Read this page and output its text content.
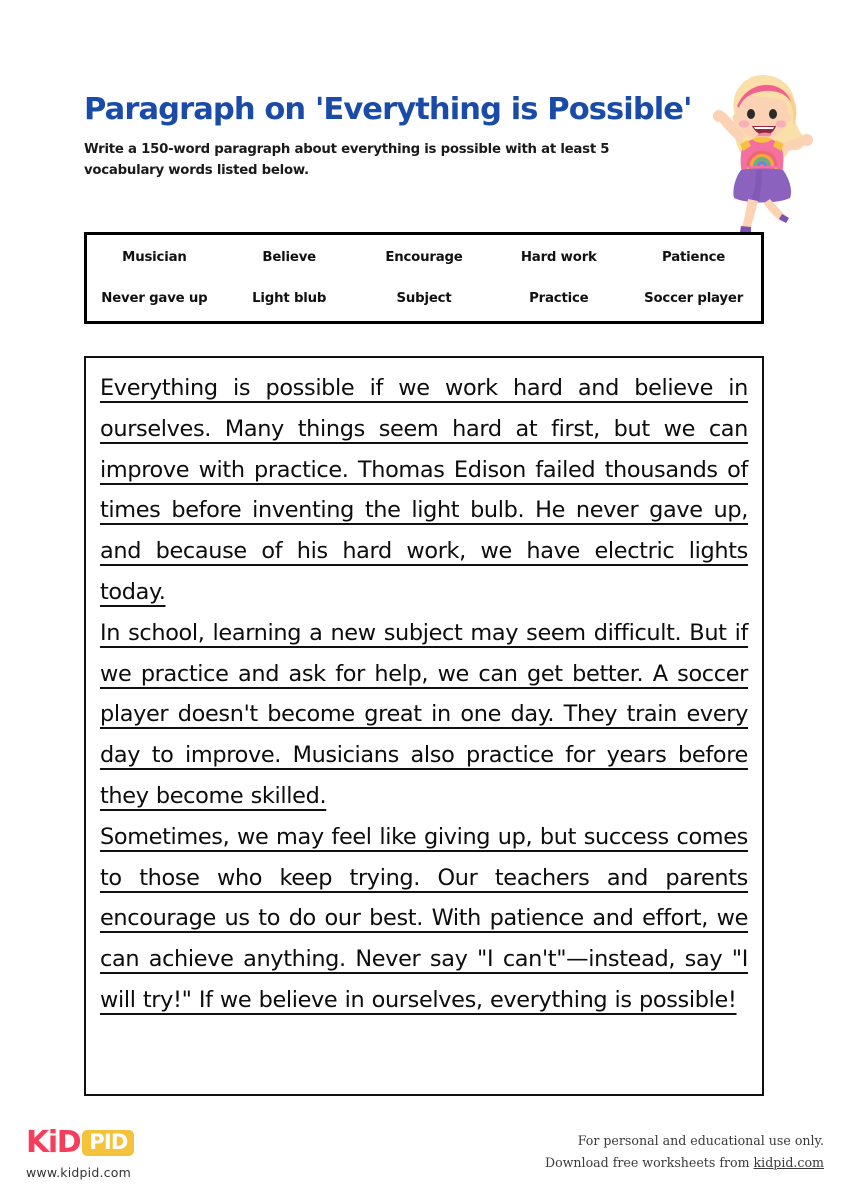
Paragraph on 'Everything is Possible'

Write a 150-word paragraph about everything is possible with at least 5 vocabulary words listed below.

Musician	Believe	Encourage	Hard work	Patience
Never gave up	Light blub	Subject	Practice	Soccer player

Everything is possible if we work hard and believe in ourselves. Many things seem hard at first, but we can improve with practice. Thomas Edison failed thousands of times before inventing the light bulb. He never gave up, and because of his hard work, we have electric lights today.

In school, learning a new subject may seem difficult. But if we practice and ask for help, we can get better. A soccer player doesn't become great in one day. They train every day to improve. Musicians also practice for years before they become skilled.

Sometimes, we may feel like giving up, but success comes to those who keep trying. Our teachers and parents encourage us to do our best. With patience and effort, we can achieve anything. Never say "I can't"—instead, say "I will try!" If we believe in ourselves, everything is possible!

KiD PID
www.kidpid.com
For personal and educational use only.
Download free worksheets from kidpid.com
